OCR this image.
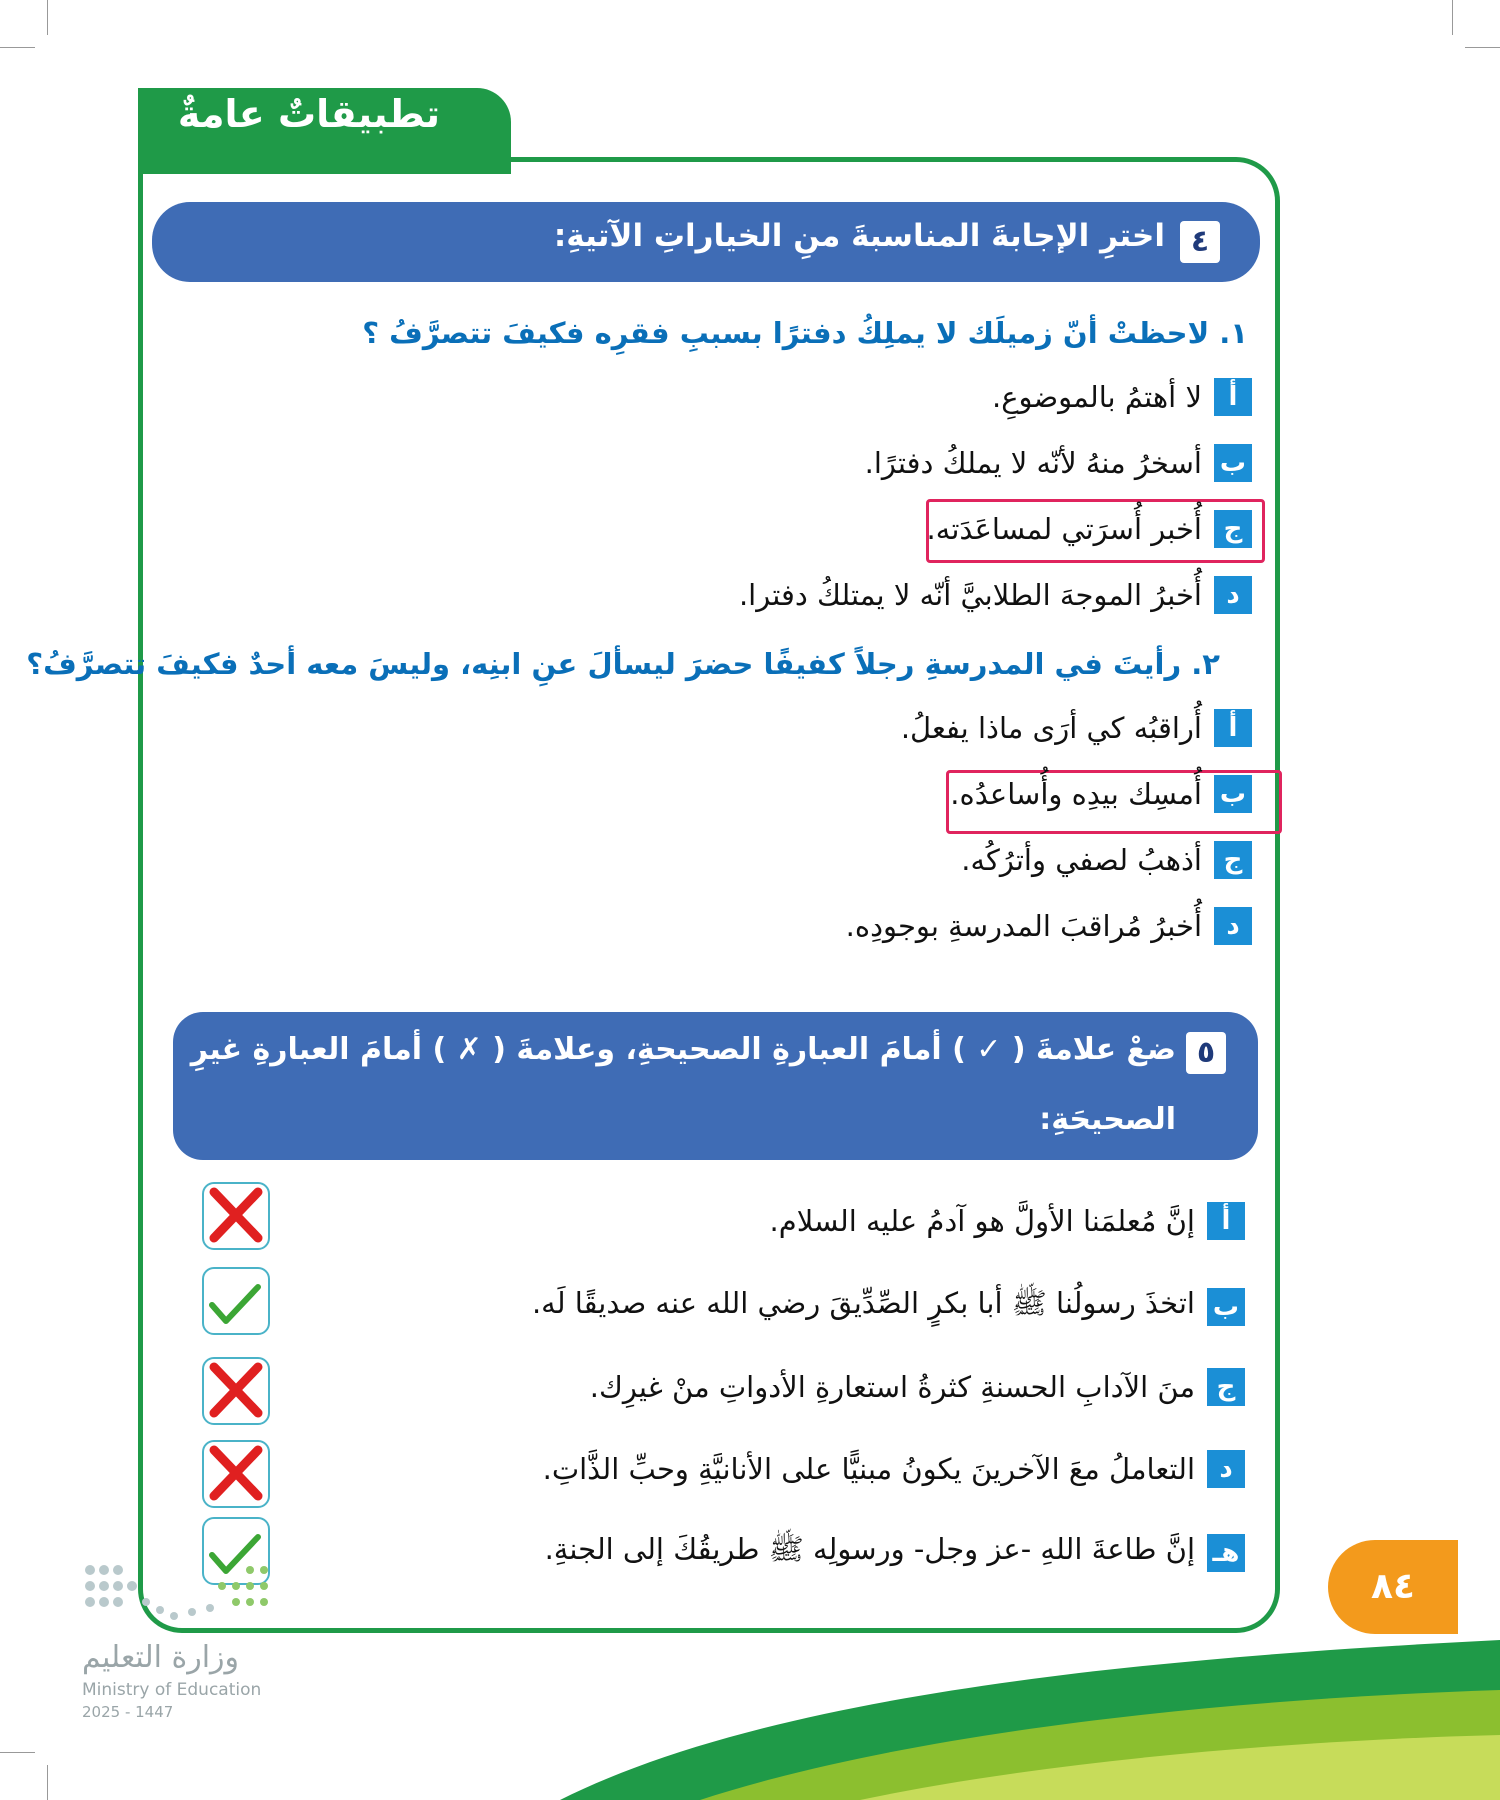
تطبيقاتٌ عامةٌ
٤
اخترِ الإجابةَ المناسبةَ منِ الخياراتِ الآتيةِ:
١. لاحظتْ أنّ زميلَك لا يملِكُ دفترًا بسببِ فقرِه فكيفَ تتصرَّفُ ؟
ألا أهتمُ بالموضوعِ.
بأسخرُ منهُ لأنّه لا يملكُ دفترًا.
جأُخبر أُسرَتي لمساعَدَته.
دأُخبرُ الموجهَ الطلابيَّ أنّه لا يمتلكُ دفترا.
٢. رأيتَ في المدرسةِ رجلاً كفيفًا حضرَ ليسألَ عنِ ابنِه، وليسَ معه أحدٌ فكيفَ تتصرَّفُ؟
أأُراقبُه كي أرَى ماذا يفعلُ.
بأُمسِك بيدِه وأُساعدُه.
جأذهبُ لصفي وأترُكُه.
دأُخبرُ مُراقبَ المدرسةِ بوجودِه.
٥
ضعْ علامةَ ( ✓ ) أمامَ العبارةِ الصحيحةِ، وعلامةَ ( ✗ ) أمامَ العبارةِ غيرِ
الصحيحَةِ:
أإنَّ مُعلمَنا الأولَّ هو آدمُ عليه السلام.
باتخذَ رسولُنا ﷺ أبا بكرٍ الصِّدِّيقَ رضي الله عنه صديقًا لَه.
جمنَ الآدابِ الحسنةِ كثرةُ استعارةِ الأدواتِ منْ غيرِك.
دالتعاملُ معَ الآخرينَ يكونُ مبنيًّا على الأنانيَّةِ وحبِّ الذَّاتِ.
هـإنَّ طاعةَ اللهِ -عز وجل- ورسولِه ﷺ طريقُكَ إلى الجنةِ.
٨٤
وزارة التعليم
Ministry of Education
2025 - 1447
